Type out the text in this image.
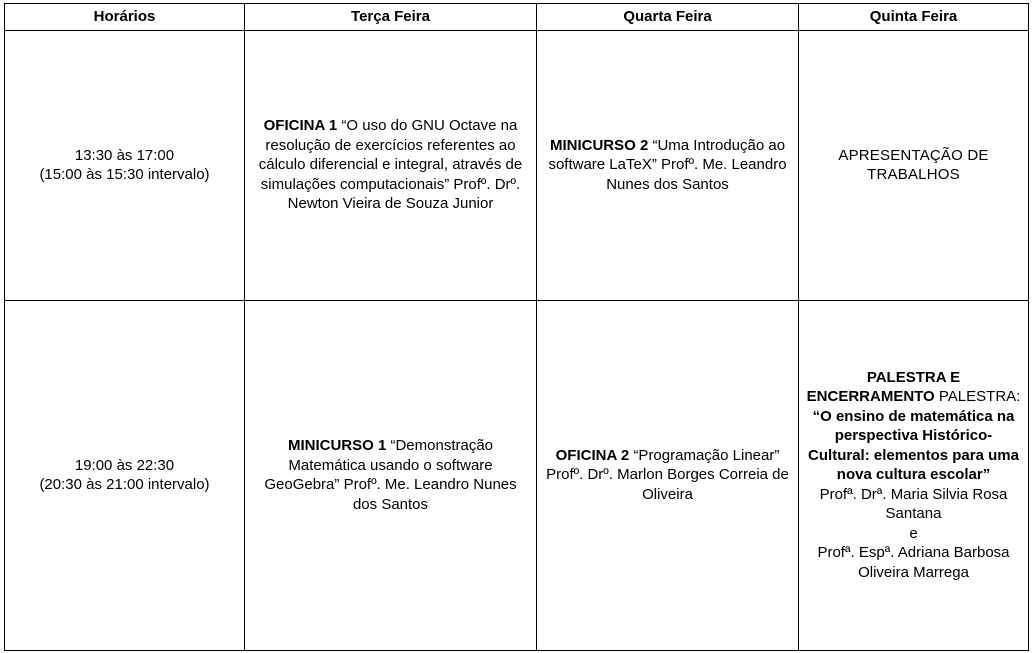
Horários	Terça Feira	Quarta Feira	Quinta Feira

13:30 às 17:00
(15:00 às 15:30 intervalo)	OFICINA 1 “O uso do GNU Octave na resolução de exercícios referentes ao cálculo diferencial e integral, através de simulações computacionais” Profº. Drº. Newton Vieira de Souza Junior	MINICURSO 2 “Uma Introdução ao software LaTeX” Profº. Me. Leandro Nunes dos Santos	APRESENTAÇÃO DE TRABALHOS

19:00 às 22:30
(20:30 às 21:00 intervalo)	MINICURSO 1 “Demonstração Matemática usando o software GeoGebra” Profº. Me. Leandro Nunes dos Santos	OFICINA 2 “Programação Linear” Profº. Drº. Marlon Borges Correia de Oliveira	PALESTRA E
ENCERRAMENTO PALESTRA: “O ensino de matemática na perspectiva Histórico-Cultural: elementos para uma nova cultura escolar”
Profª. Drª. Maria Silvia Rosa Santana
e
Profª. Espª. Adriana Barbosa Oliveira Marrega
